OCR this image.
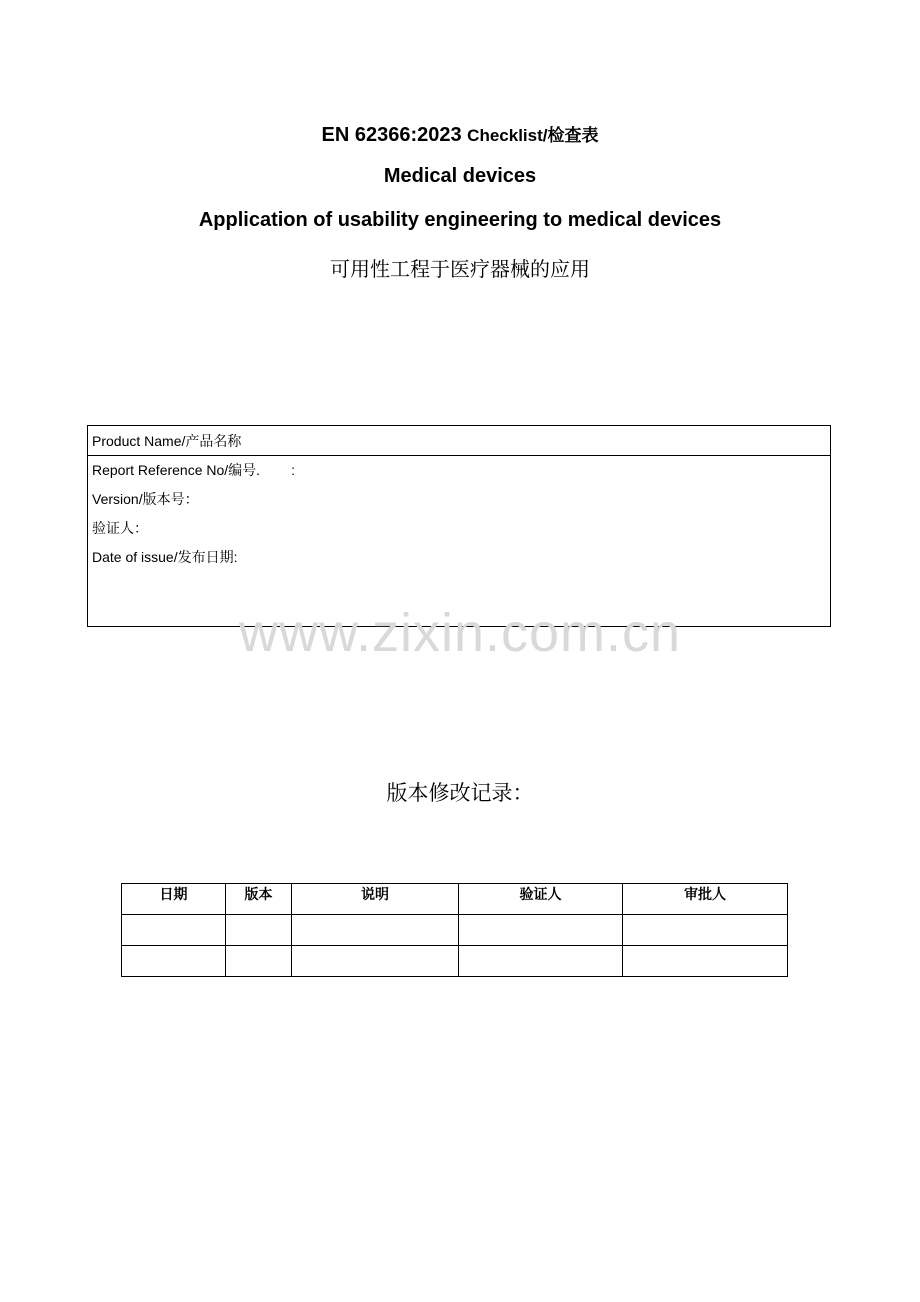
EN 62366:2023 Checklist/检查表
Medical devices
Application of usability engineering to medical devices
可用性工程于医疗器械的应用
Product Name/产品名称
Report Reference No/编号.        :
Version/版本号：
验证人：
Date of issue/发布日期:
www.zixin.com.cn
版本修改记录：
日期	版本	说明	验证人	审批人
